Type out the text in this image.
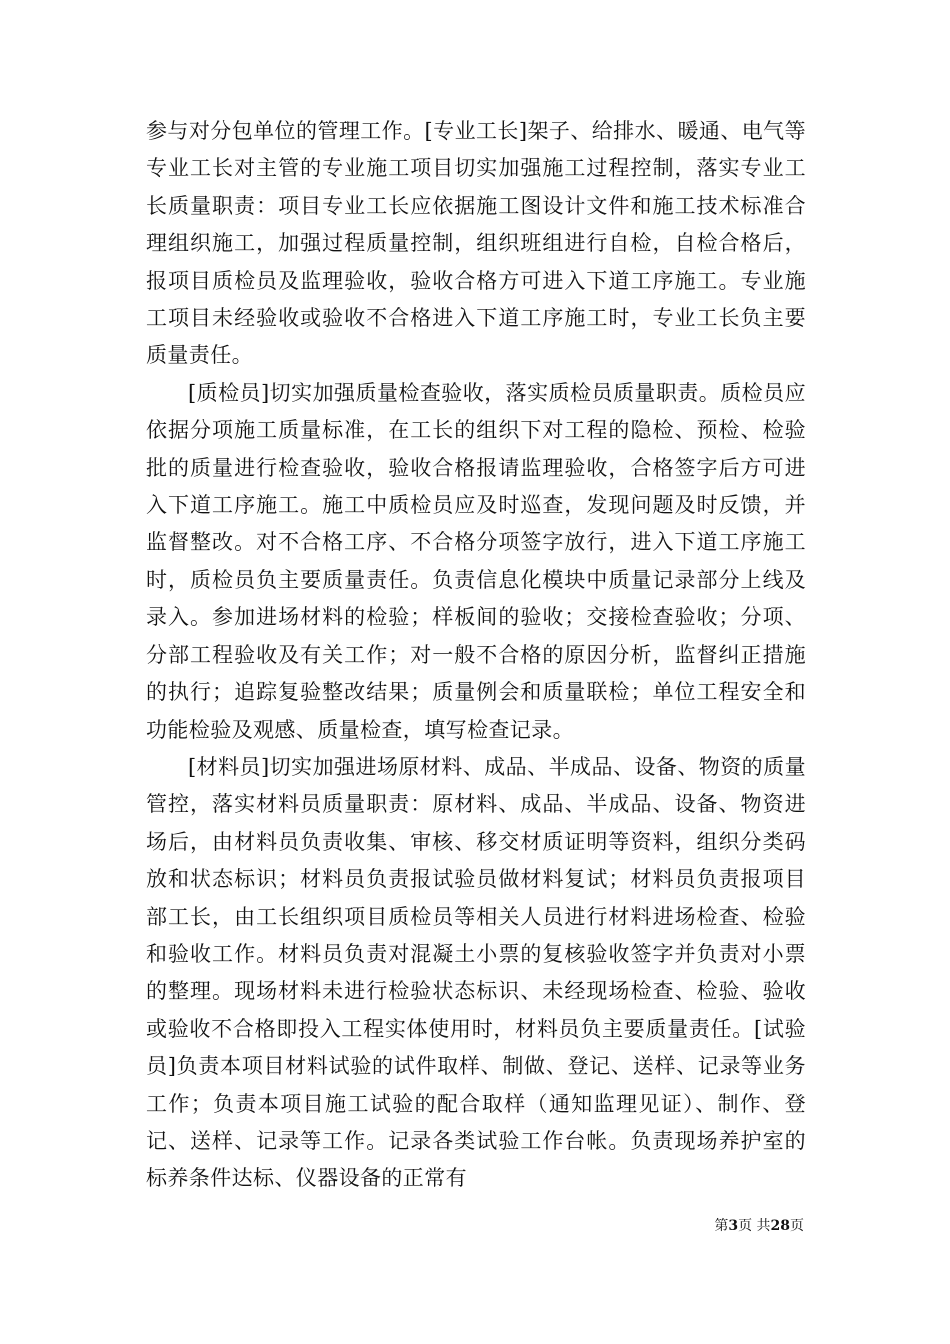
参与对分包单位的管理工作。[专业工长]架子、给排水、暖通、电气等专业工长对主管的专业施工项目切实加强施工过程控制，落实专业工长质量职责：项目专业工长应依据施工图设计文件和施工技术标准合理组织施工，加强过程质量控制，组织班组进行自检，自检合格后，报项目质检员及监理验收，验收合格方可进入下道工序施工。专业施工项目未经验收或验收不合格进入下道工序施工时，专业工长负主要质量责任。

[质检员]切实加强质量检查验收，落实质检员质量职责。质检员应依据分项施工质量标准，在工长的组织下对工程的隐检、预检、检验批的质量进行检查验收，验收合格报请监理验收，合格签字后方可进入下道工序施工。施工中质检员应及时巡查，发现问题及时反馈，并监督整改。对不合格工序、不合格分项签字放行，进入下道工序施工时，质检员负主要质量责任。负责信息化模块中质量记录部分上线及录入。参加进场材料的检验；样板间的验收；交接检查验收；分项、分部工程验收及有关工作；对一般不合格的原因分析，监督纠正措施的执行；追踪复验整改结果；质量例会和质量联检；单位工程安全和功能检验及观感、质量检查，填写检查记录。

[材料员]切实加强进场原材料、成品、半成品、设备、物资的质量管控，落实材料员质量职责：原材料、成品、半成品、设备、物资进场后，由材料员负责收集、审核、移交材质证明等资料，组织分类码放和状态标识；材料员负责报试验员做材料复试；材料员负责报项目部工长，由工长组织项目质检员等相关人员进行材料进场检查、检验和验收工作。材料员负责对混凝土小票的复核验收签字并负责对小票的整理。现场材料未进行检验状态标识、未经现场检查、检验、验收或验收不合格即投入工程实体使用时，材料员负主要质量责任。[试验员]负责本项目材料试验的试件取样、制做、登记、送样、记录等业务工作；负责本项目施工试验的配合取样（通知监理见证）、制作、登记、送样、记录等工作。记录各类试验工作台帐。负责现场养护室的标养条件达标、仪器设备的正常有

第3页 共28页
